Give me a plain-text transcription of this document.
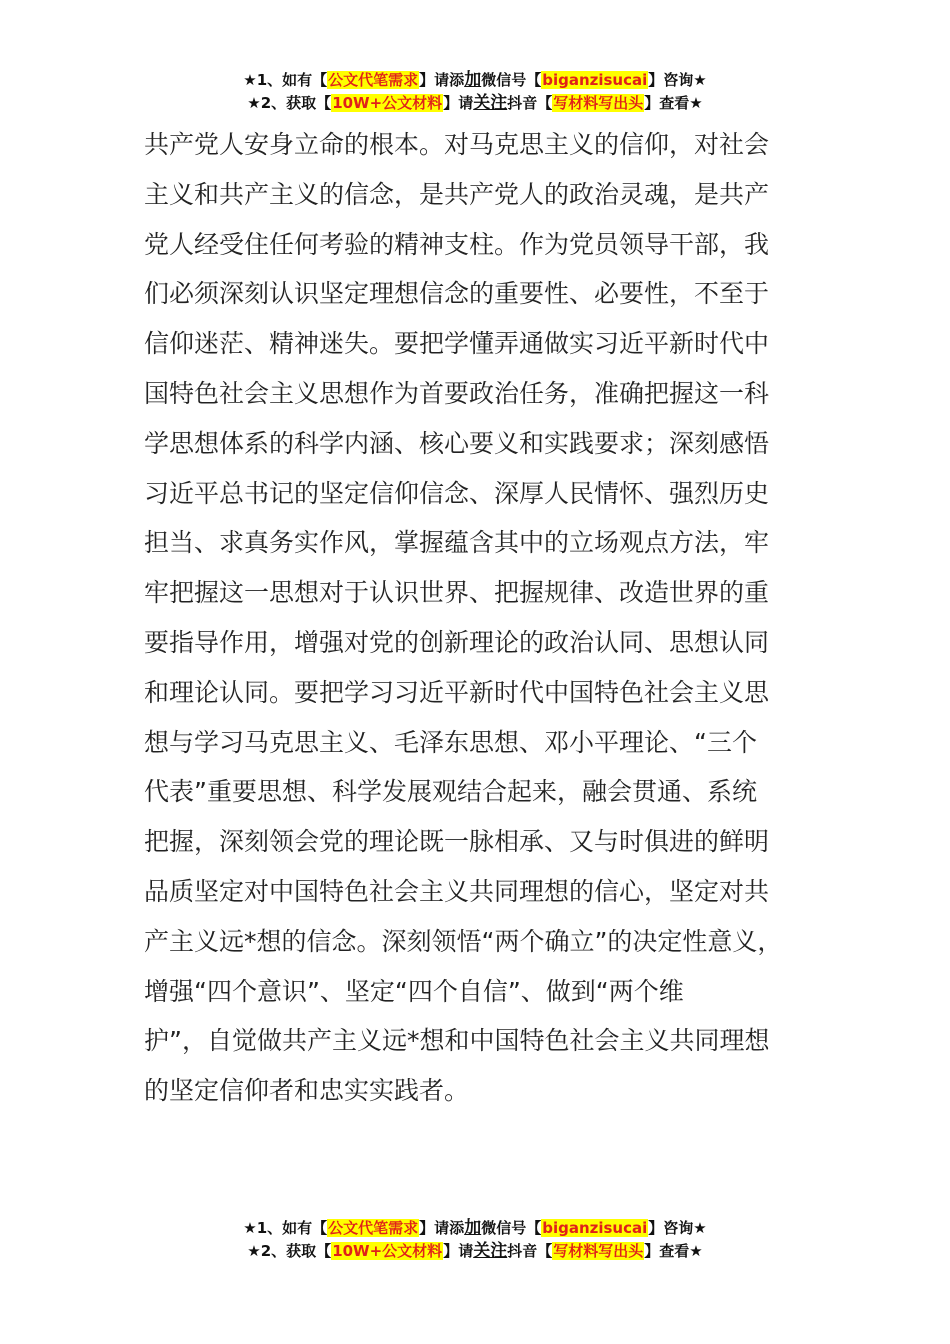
★1、如有【公文代笔需求】请添加微信号【biganzisucai】咨询★
★2、获取【10W+公文材料】请关注抖音【写材料写出头】查看★
共产党人安身立命的根本。对马克思主义的信仰，对社会
主义和共产主义的信念，是共产党人的政治灵魂，是共产
党人经受住任何考验的精神支柱。作为党员领导干部，我
们必须深刻认识坚定理想信念的重要性、必要性，不至于
信仰迷茫、精神迷失。要把学懂弄通做实习近平新时代中
国特色社会主义思想作为首要政治任务，准确把握这一科
学思想体系的科学内涵、核心要义和实践要求；深刻感悟
习近平总书记的坚定信仰信念、深厚人民情怀、强烈历史
担当、求真务实作风，掌握蕴含其中的立场观点方法，牢
牢把握这一思想对于认识世界、把握规律、改造世界的重
要指导作用，增强对党的创新理论的政治认同、思想认同
和理论认同。要把学习习近平新时代中国特色社会主义思
想与学习马克思主义、毛泽东思想、邓小平理论、“三个
代表”重要思想、科学发展观结合起来，融会贯通、系统
把握，深刻领会党的理论既一脉相承、又与时俱进的鲜明
品质坚定对中国特色社会主义共同理想的信心，坚定对共
产主义远*想的信念。深刻领悟“两个确立”的决定性意义，
增强“四个意识”、坚定“四个自信”、做到“两个维
护”，自觉做共产主义远*想和中国特色社会主义共同理想
的坚定信仰者和忠实实践者。
★1、如有【公文代笔需求】请添加微信号【biganzisucai】咨询★
★2、获取【10W+公文材料】请关注抖音【写材料写出头】查看★
